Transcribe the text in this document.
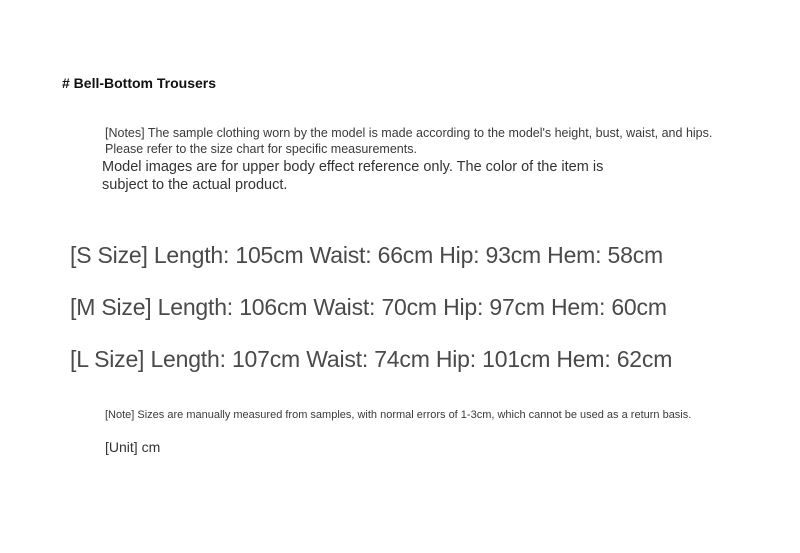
# Bell-Bottom Trousers
[Notes] The sample clothing worn by the model is made according to the model's height, bust, waist, and hips.
Please refer to the size chart for specific measurements.
Model images are for upper body effect reference only. The color of the item is
subject to the actual product.
[S Size] Length: 105cm Waist: 66cm Hip: 93cm Hem: 58cm
[M Size] Length: 106cm Waist: 70cm Hip: 97cm Hem: 60cm
[L Size] Length: 107cm Waist: 74cm Hip: 101cm Hem: 62cm
[Note] Sizes are manually measured from samples, with normal errors of 1-3cm, which cannot be used as a return basis.
[Unit] cm
